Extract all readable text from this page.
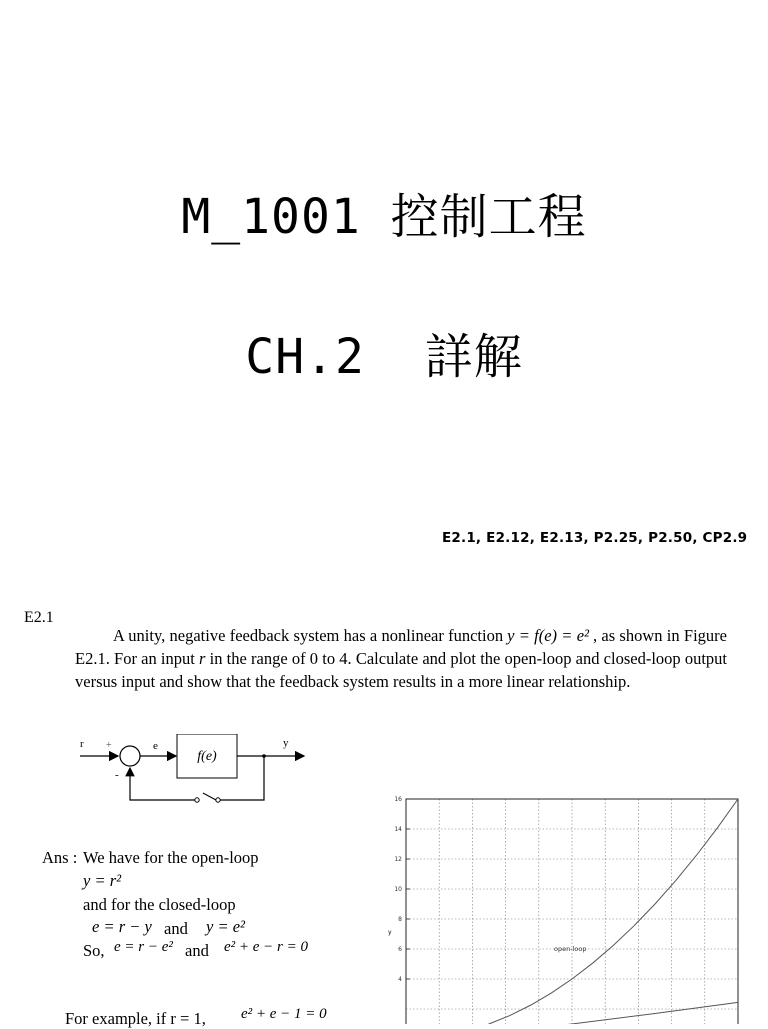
M_1001 控制工程
CH.2  詳解
E2.1, E2.12, E2.13, P2.25, P2.50, CP2.9
E2.1
A unity, negative feedback system has a nonlinear function y = f(e) = e² , as shown in Figure E2.1. For an input r in the range of 0 to 4. Calculate and plot the open-loop and closed-loop output versus input and show that the feedback system results in a more linear relationship.
r +
-
e
f(e)
y
Ans : We have for the open-loop
y = r²
and for the closed-loop
e = r − y and y = e²
So, e = r − e² and e² + e − r = 0
For example, if r = 1, e² + e − 1 = 0
4
6
8
10
12
14
16
y
open-loop
